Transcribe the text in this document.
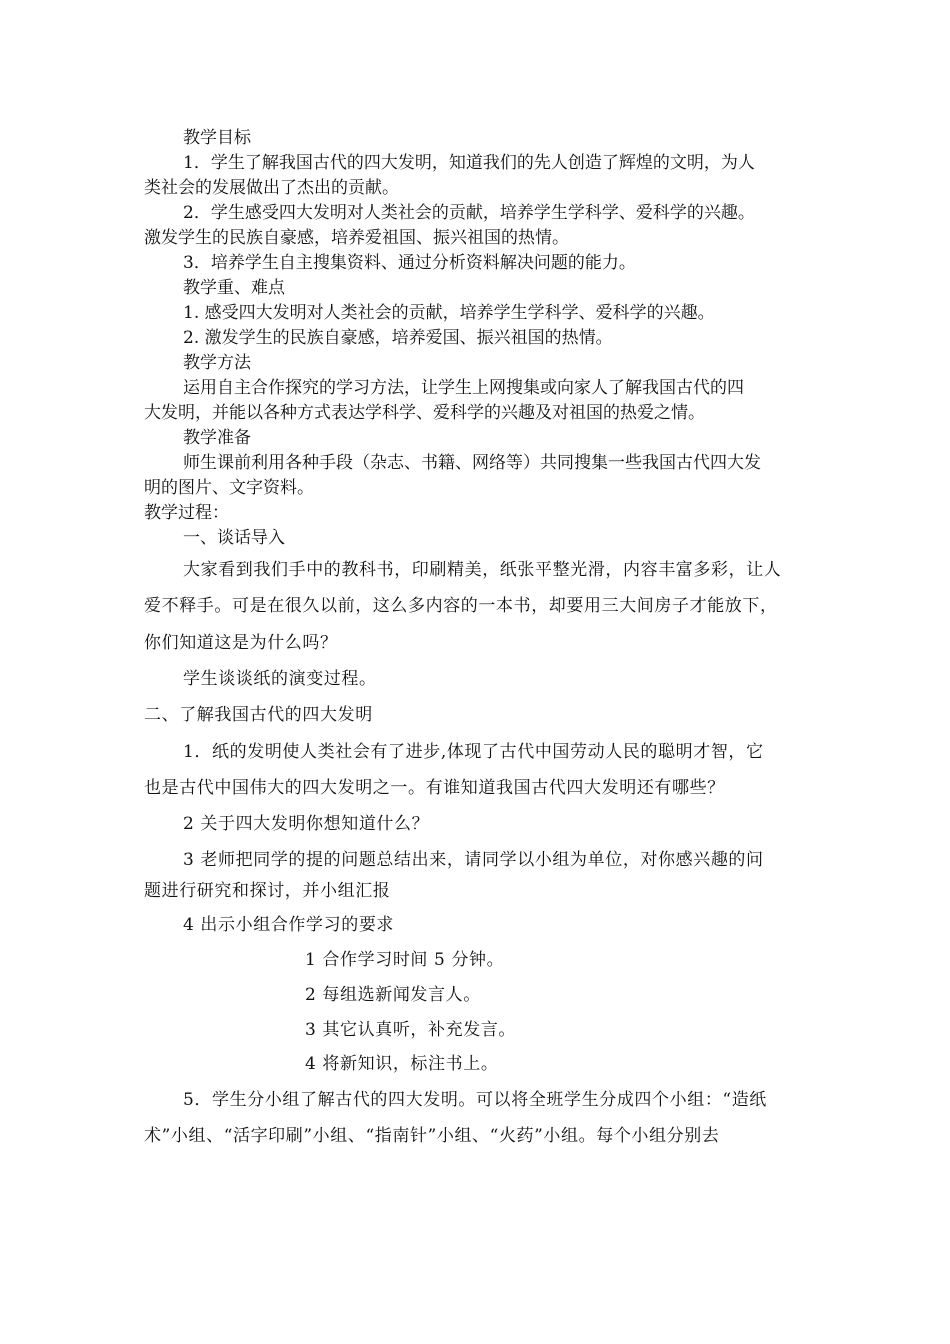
教学目标
1．学生了解我国古代的四大发明，知道我们的先人创造了辉煌的文明，为人
类社会的发展做出了杰出的贡献。
2．学生感受四大发明对人类社会的贡献，培养学生学科学、爱科学的兴趣。
激发学生的民族自豪感，培养爱祖国、振兴祖国的热情。
3．培养学生自主搜集资料、通过分析资料解决问题的能力。
教学重、难点
1. 感受四大发明对人类社会的贡献，培养学生学科学、爱科学的兴趣。
2. 激发学生的民族自豪感，培养爱国、振兴祖国的热情。
教学方法
运用自主合作探究的学习方法，让学生上网搜集或向家人了解我国古代的四
大发明，并能以各种方式表达学科学、爱科学的兴趣及对祖国的热爱之情。
教学准备
师生课前利用各种手段（杂志、书籍、网络等）共同搜集一些我国古代四大发
明的图片、文字资料。
教学过程：
一、谈话导入
大家看到我们手中的教科书，印刷精美，纸张平整光滑，内容丰富多彩，让人
爱不释手。可是在很久以前，这么多内容的一本书，却要用三大间房子才能放下，
你们知道这是为什么吗？
学生谈谈纸的演变过程。
二、了解我国古代的四大发明
1．纸的发明使人类社会有了进步,体现了古代中国劳动人民的聪明才智，它
也是古代中国伟大的四大发明之一。有谁知道我国古代四大发明还有哪些？
2 关于四大发明你想知道什么？
3 老师把同学的提的问题总结出来，请同学以小组为单位，对你感兴趣的问
题进行研究和探讨，并小组汇报
4 出示小组合作学习的要求
1 合作学习时间 5 分钟。
2 每组选新闻发言人。
3 其它认真听，补充发言。
4 将新知识，标注书上。
5．学生分小组了解古代的四大发明。可以将全班学生分成四个小组：“造纸
术”小组、“活字印刷”小组、“指南针”小组、“火药”小组。每个小组分别去
